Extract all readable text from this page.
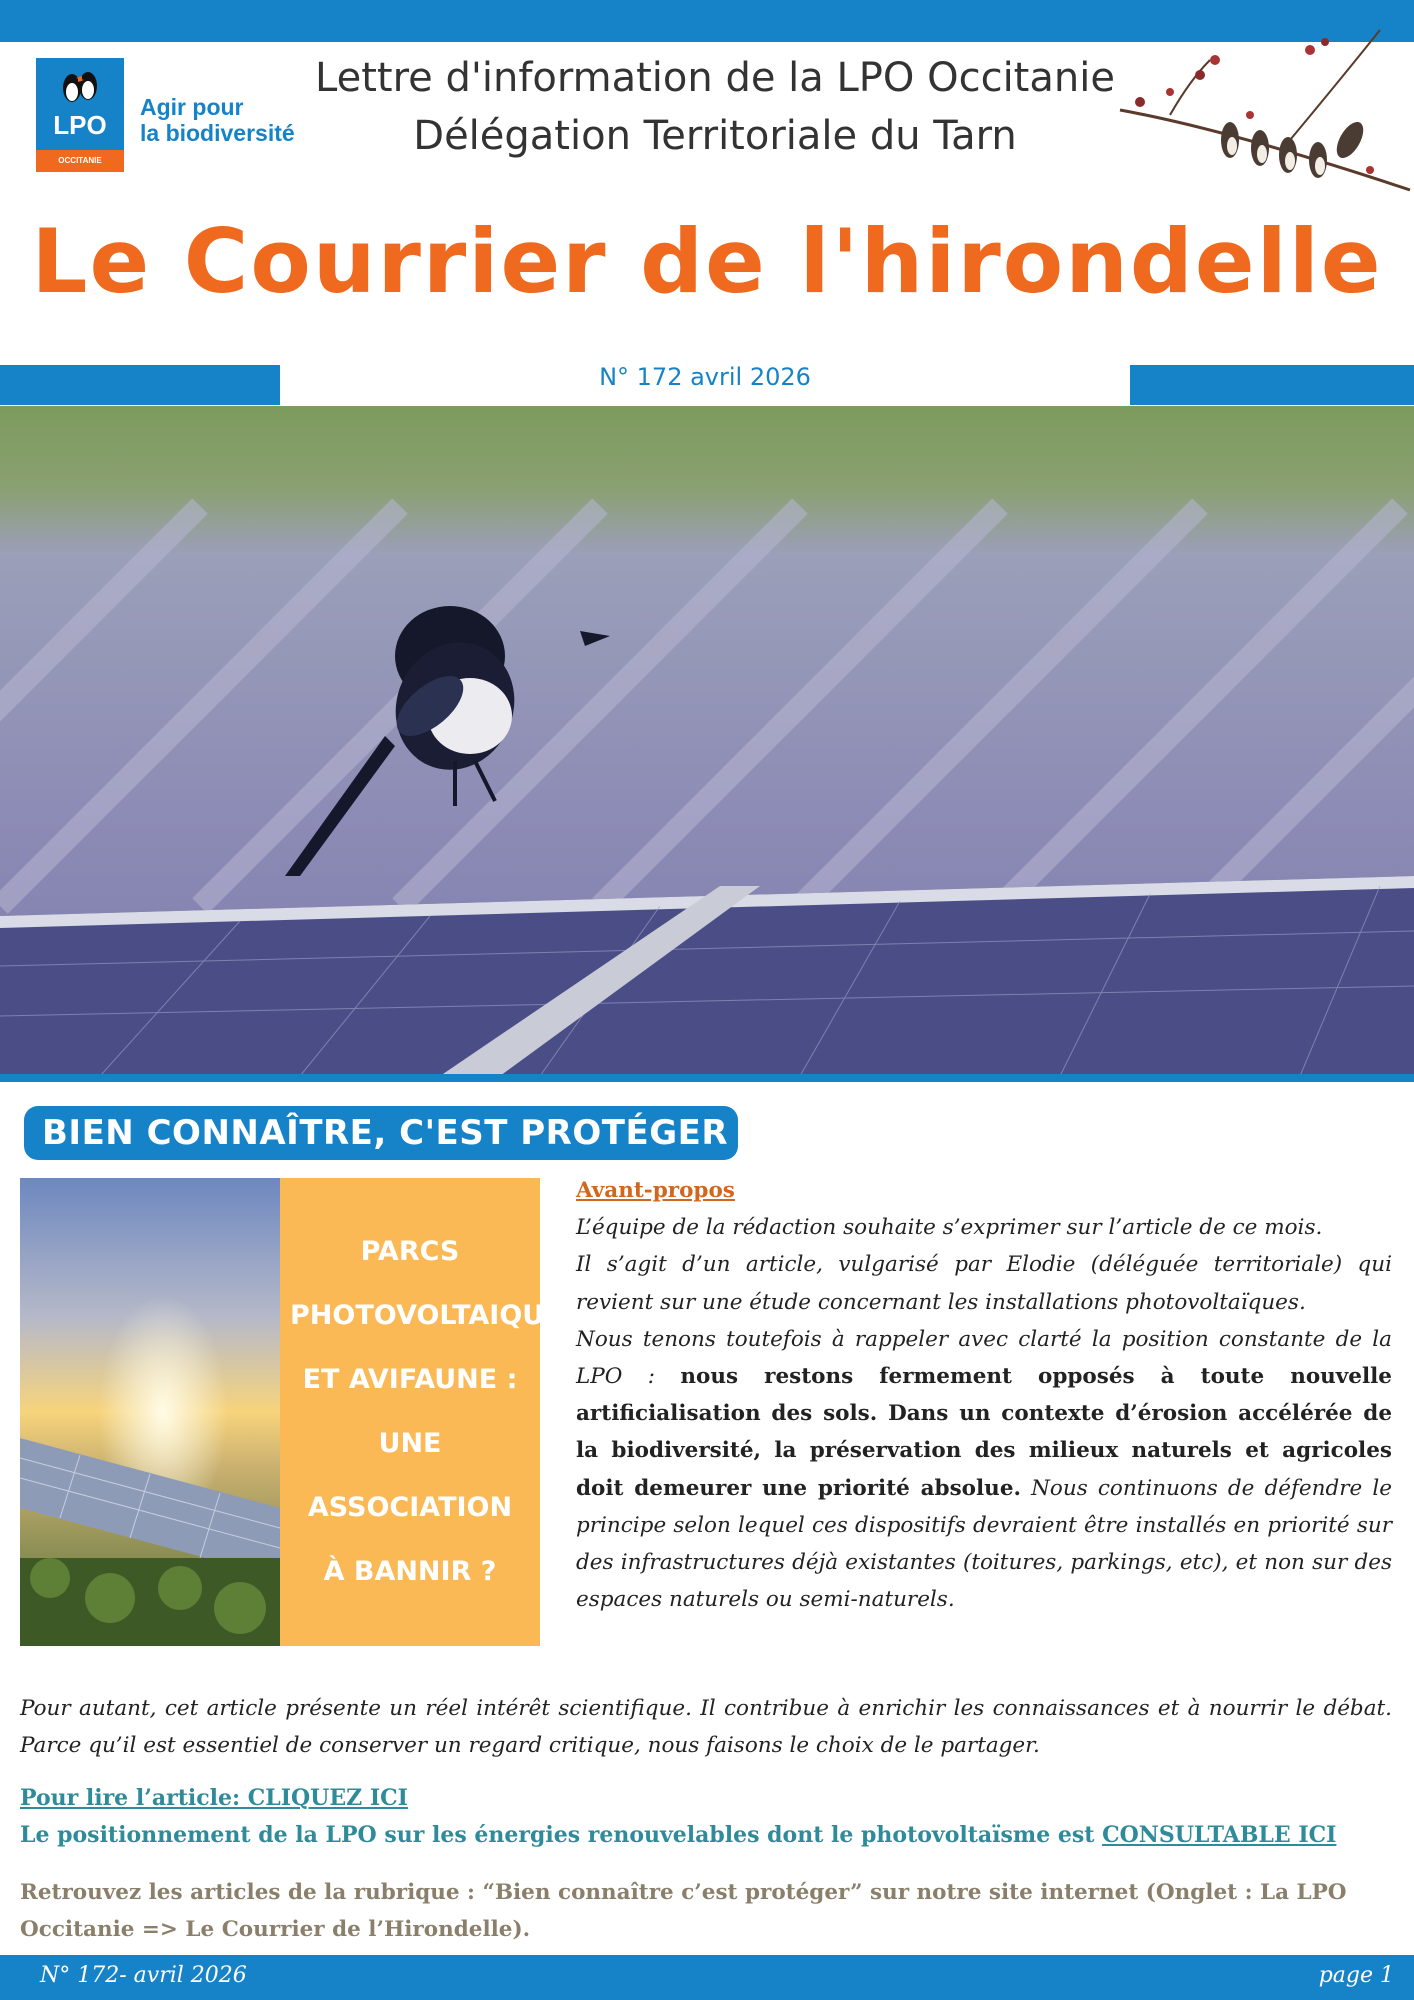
LPO
OCCITANIE
Agir pour
la biodiversité
Lettre d'information de la LPO Occitanie
Délégation Territoriale du Tarn
Le Courrier de l'hirondelle
N° 172 avril 2026
BIEN CONNAÎTRE, C'EST PROTÉGER
PARCS
PHOTOVOLTAIQUES
ET AVIFAUNE :
UNE ASSOCIATION
À BANNIR ?

Avant-propos

L’équipe de la rédaction souhaite s’exprimer sur l’article de ce mois.

Il s’agit d’un article, vulgarisé par Elodie (déléguée territoriale) qui revient sur une étude concernant les installations photovoltaïques.

Nous tenons toutefois à rappeler avec clarté la position constante de la LPO : nous restons fermement opposés à toute nouvelle artificialisation des sols. Dans un contexte d’érosion accélérée de la biodiversité, la préservation des milieux naturels et agricoles doit demeurer une priorité absolue. Nous continuons de défendre le principe selon lequel ces dispositifs devraient être installés en priorité sur des infrastructures déjà existantes (toitures, parkings, etc), et non sur des espaces naturels ou semi-naturels.

Pour autant, cet article présente un réel intérêt scientifique. Il contribue à enrichir les connaissances et à nourrir le débat. Parce qu’il est essentiel de conserver un regard critique, nous faisons le choix de le partager.

Pour lire l’article: CLIQUEZ ICI
Le positionnement de la LPO sur les énergies renouvelables dont le photovoltaïsme est CONSULTABLE ICI
Retrouvez les articles de la rubrique : “Bien connaître c’est protéger” sur notre site internet (Onglet : La LPO Occitanie => Le Courrier de l’Hirondelle).
N° 172- avril 2026	page 1
